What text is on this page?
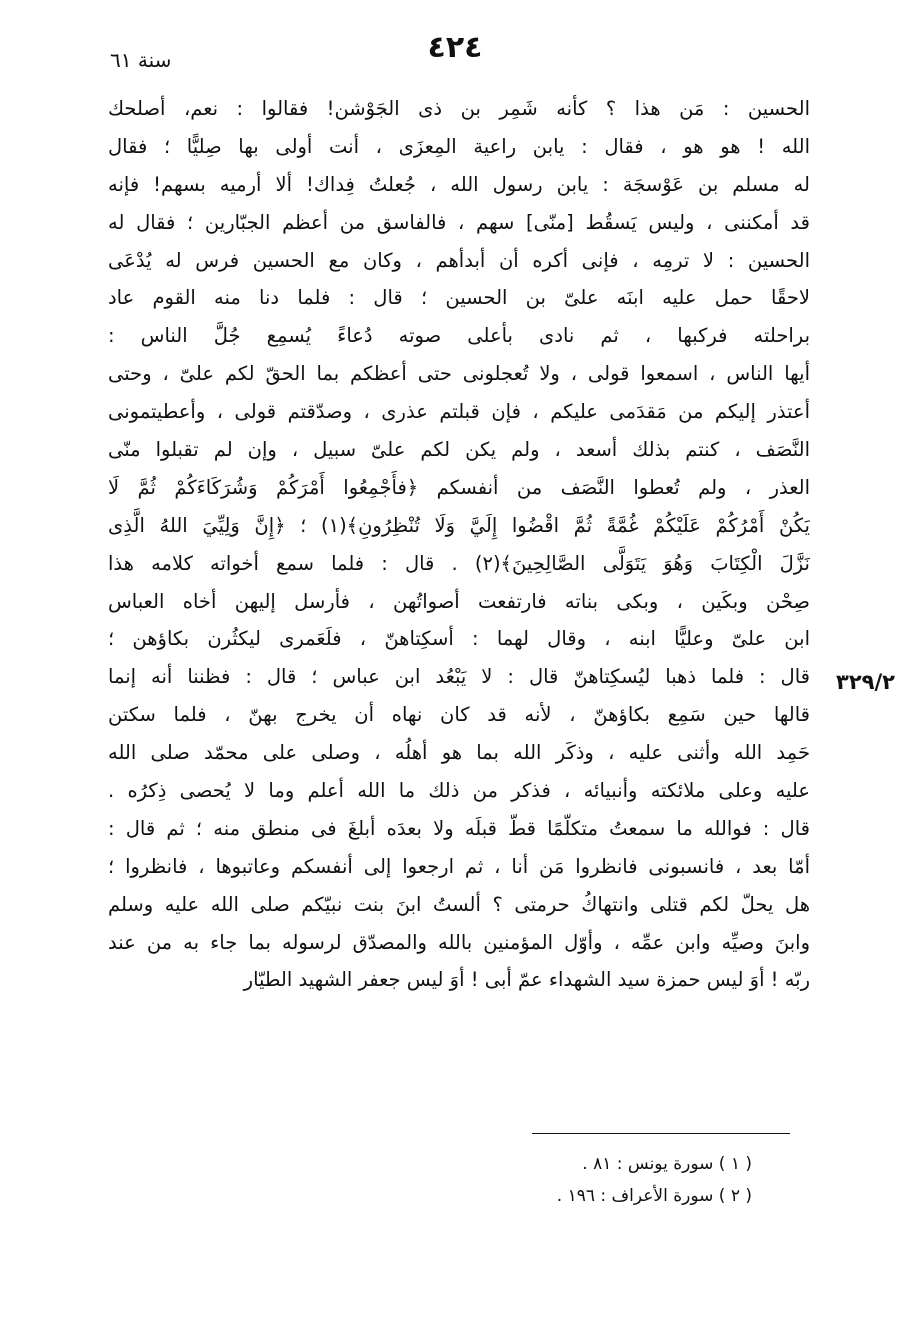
٤٢٤
سنة ٦١
٣٢٩/٢
الحسين : مَن هذا ؟ كأنه شَمِر بن ذى الجَوْشن! فقالوا : نعم، أصلحك
الله ! هو هو ، فقال : يابن راعية المِعزَى ، أنت أولى بها صِليًّا ؛ فقال
له مسلم بن عَوْسجَة : يابن رسول الله ، جُعلتُ فِداك! ألا أرميه بسهم! فإنه
قد أمكننى ، وليس يَسقُط [منّى] سهم ، فالفاسق من أعظم الجبّارين ؛ فقال له
الحسين : لا ترمِه ، فإنى أكره أن أبدأهم ، وكان مع الحسين فرس له يُدْعَى
لاحقًا حمل عليه ابنَه علىّ بن الحسين ؛ قال : فلما دنا منه القوم عاد
براحلته فركبها ، ثم نادى بأعلى صوته دُعاءً يُسمِع جُلَّ الناس :
أيها الناس ، اسمعوا قولى ، ولا تُعجلونى حتى أعظكم بما الحقّ لكم علىّ ، وحتى
أعتذر إليكم من مَقدَمى عليكم ، فإن قبلتم عذرى ، وصدّقتم قولى ، وأعطيتمونى
النَّصَف ، كنتم بذلك أسعد ، ولم يكن لكم علىّ سبيل ، وإن لم تقبلوا منّى
العذر ، ولم تُعطوا النَّصَف من أنفسكم ﴿فأَجْمِعُوا أَمْرَكُمْ وَشُرَكَاءَكُمْ ثُمَّ لَا
يَكُنْ أَمْرُكُمْ عَلَيْكُمْ غُمَّةً ثُمَّ اقْضُوا إِلَيَّ وَلَا تُنْظِرُونِ﴾(١) ؛ ﴿إِنَّ وَلِيِّيَ اللهُ الَّذِى
نَزَّلَ الْكِتَابَ وَهُوَ يَتَوَلَّى الصَّالِحِينَ﴾(٢) . قال : فلما سمع أخواته كلامه هذا
صِحْن وبكَين ، وبكى بناته فارتفعت أصواتُهن ، فأرسل إليهن أخاه العباس
ابن علىّ وعليًّا ابنه ، وقال لهما : أسكِتاهنّ ، فلَعَمرى ليكثُرن بكاؤهن ؛
قال : فلما ذهبا ليُسكِتاهنّ قال : لا يَبْعُد ابن عباس ؛ قال : فظننا أنه إنما
قالها حين سَمِع بكاؤهنّ ، لأنه قد كان نهاه أن يخرج بهنّ ، فلما سكتن
حَمِد الله وأثنى عليه ، وذكَر الله بما هو أهلُه ، وصلى على محمّد صلى الله
عليه وعلى ملائكته وأنبيائه ، فذكر من ذلك ما الله أعلم وما لا يُحصى ذِكرُه .
قال : فوالله ما سمعتُ متكلّمًا قطّ قبلَه ولا بعدَه أبلغَ فى منطق منه ؛ ثم قال :
أمّا بعد ، فانسبونى فانظروا مَن أنا ، ثم ارجعوا إلى أنفسكم وعاتبوها ، فانظروا ؛
هل يحلّ لكم قتلى وانتهاكُ حرمتى ؟ ألستُ ابنَ بنت نبيّكم صلى الله عليه وسلم
وابنَ وصيِّه وابن عمِّه ، وأوّل المؤمنين بالله والمصدّق لرسوله بما جاء به من عند
ربّه ! أوَ ليس حمزة سيد الشهداء عمّ أبى ! أوَ ليس جعفر الشهيد الطيّار
( ١ ) سورة يونس : ٨١ .
( ٢ ) سورة الأعراف : ١٩٦ .
